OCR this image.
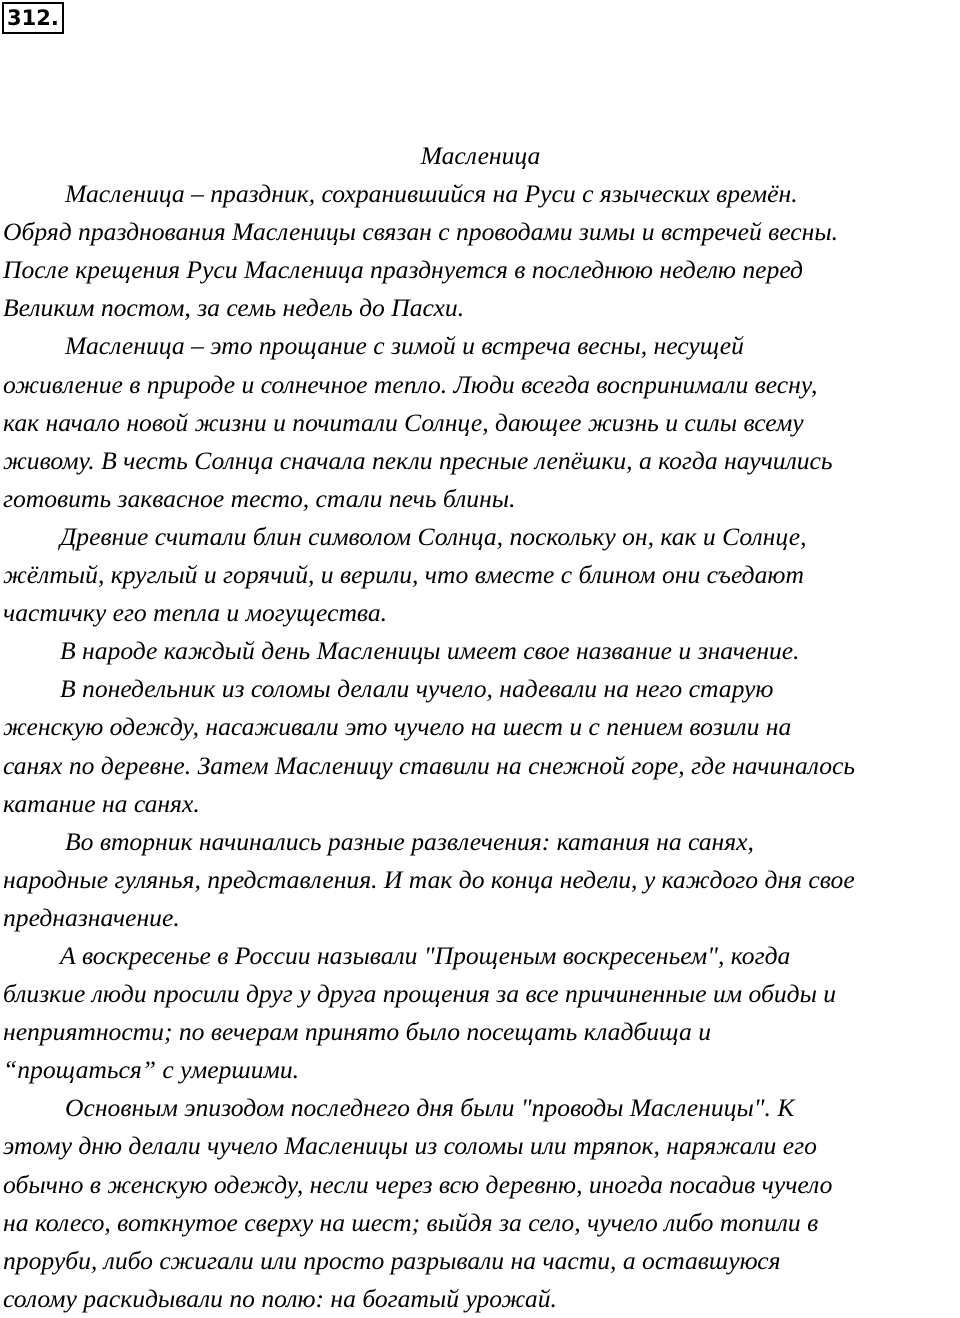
312.
Масленица
Масленица – праздник, сохранившийся на Руси с языческих времён.
Обряд празднования Масленицы связан с проводами зимы и встречей весны.
После крещения Руси Масленица празднуется в последнюю неделю перед
Великим постом, за семь недель до Пасхи.
Масленица – это прощание с зимой и встреча весны, несущей
оживление в природе и солнечное тепло. Люди всегда воспринимали весну,
как начало новой жизни и почитали Солнце, дающее жизнь и силы всему
живому. В честь Солнца сначала пекли пресные лепёшки, а когда научились
готовить заквасное тесто, стали печь блины.
Древние считали блин символом Солнца, поскольку он, как и Солнце,
жёлтый, круглый и горячий, и верили, что вместе с блином они съедают
частичку его тепла и могущества.
В народе каждый день Масленицы имеет свое название и значение.
В понедельник из соломы делали чучело, надевали на него старую
женскую одежду, насаживали это чучело на шест и с пением возили на
санях по деревне. Затем Масленицу ставили на снежной горе, где начиналось
катание на санях.
Во вторник начинались разные развлечения: катания на санях,
народные гулянья, представления. И так до конца недели, у каждого дня свое
предназначение.
А воскресенье в России называли "Прощеным воскресеньем", когда
близкие люди просили друг у друга прощения за все причиненные им обиды и
неприятности; по вечерам принято было посещать кладбища и
“прощаться” с умершими.
Основным эпизодом последнего дня были "проводы Масленицы". К
этому дню делали чучело Масленицы из соломы или тряпок, наряжали его
обычно в женскую одежду, несли через всю деревню, иногда посадив чучело
на колесо, воткнутое сверху на шест; выйдя за село, чучело либо топили в
проруби, либо сжигали или просто разрывали на части, а оставшуюся
солому раскидывали по полю: на богатый урожай.
